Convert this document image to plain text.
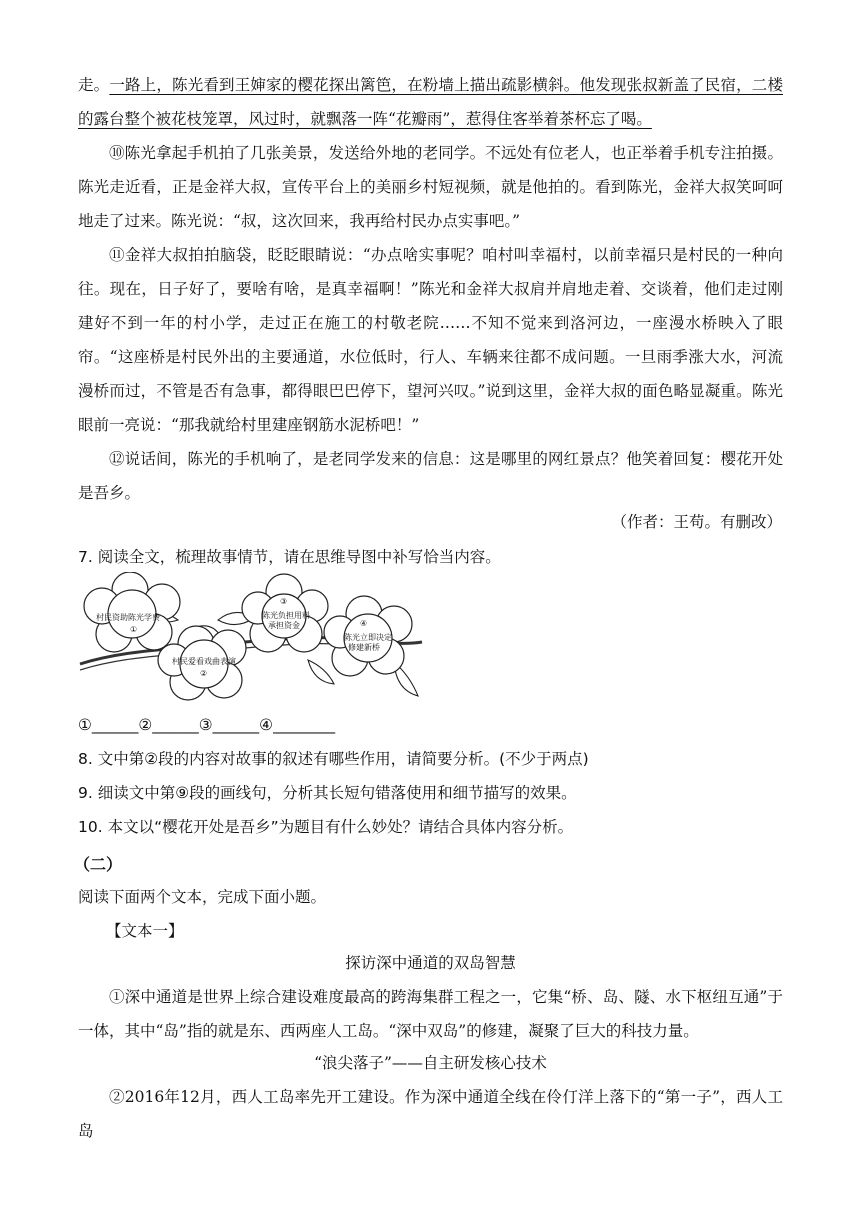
走。一路上，陈光看到王婶家的樱花探出篱笆，在粉墙上描出疏影横斜。他发现张叔新盖了民宿，二楼的露台整个被花枝笼罩，风过时，就飘落一阵“花瓣雨”，惹得住客举着茶杯忘了喝。

⑩陈光拿起手机拍了几张美景，发送给外地的老同学。不远处有位老人，也正举着手机专注拍摄。陈光走近看，正是金祥大叔，宣传平台上的美丽乡村短视频，就是他拍的。看到陈光，金祥大叔笑呵呵地走了过来。陈光说：“叔，这次回来，我再给村民办点实事吧。”

⑪金祥大叔拍拍脑袋，眨眨眼睛说：“办点啥实事呢？咱村叫幸福村，以前幸福只是村民的一种向往。现在，日子好了，要啥有啥，是真幸福啊！”陈光和金祥大叔肩并肩地走着、交谈着，他们走过刚建好不到一年的村小学，走过正在施工的村敬老院……不知不觉来到洛河边，一座漫水桥映入了眼帘。“这座桥是村民外出的主要通道，水位低时，行人、车辆来往都不成问题。一旦雨季涨大水，河流漫桥而过，不管是否有急事，都得眼巴巴停下，望河兴叹。”说到这里，金祥大叔的面色略显凝重。陈光眼前一亮说：“那我就给村里建座钢筋水泥桥吧！”

⑫说话间，陈光的手机响了，是老同学发来的信息：这是哪里的网红景点？他笑着回复：樱花开处是吾乡。

（作者：王苟。有删改）
7. 阅读全文，梳理故事情节，请在思维导图中补写恰当内容。
村民资助陈光学费
①
村民爱看戏曲表演
②
③
陈光负担用料
承担资金	④
陈光立即决定
修建新桥
①______②______③______④________
8. 文中第②段的内容对故事的叙述有哪些作用，请简要分析。(不少于两点)
9. 细读文中第⑨段的画线句，分析其长短句错落使用和细节描写的效果。
10. 本文以“樱花开处是吾乡”为题目有什么妙处？请结合具体内容分析。
（二）
阅读下面两个文本，完成下面小题。
【文本一】
探访深中通道的双岛智慧

①深中通道是世界上综合建设难度最高的跨海集群工程之一，它集“桥、岛、隧、水下枢纽互通”于一体，其中“岛”指的就是东、西两座人工岛。“深中双岛”的修建，凝聚了巨大的科技力量。

“浪尖落子”——自主研发核心技术

②2016年12月，西人工岛率先开工建设。作为深中通道全线在伶仃洋上落下的“第一子”，西人工岛
